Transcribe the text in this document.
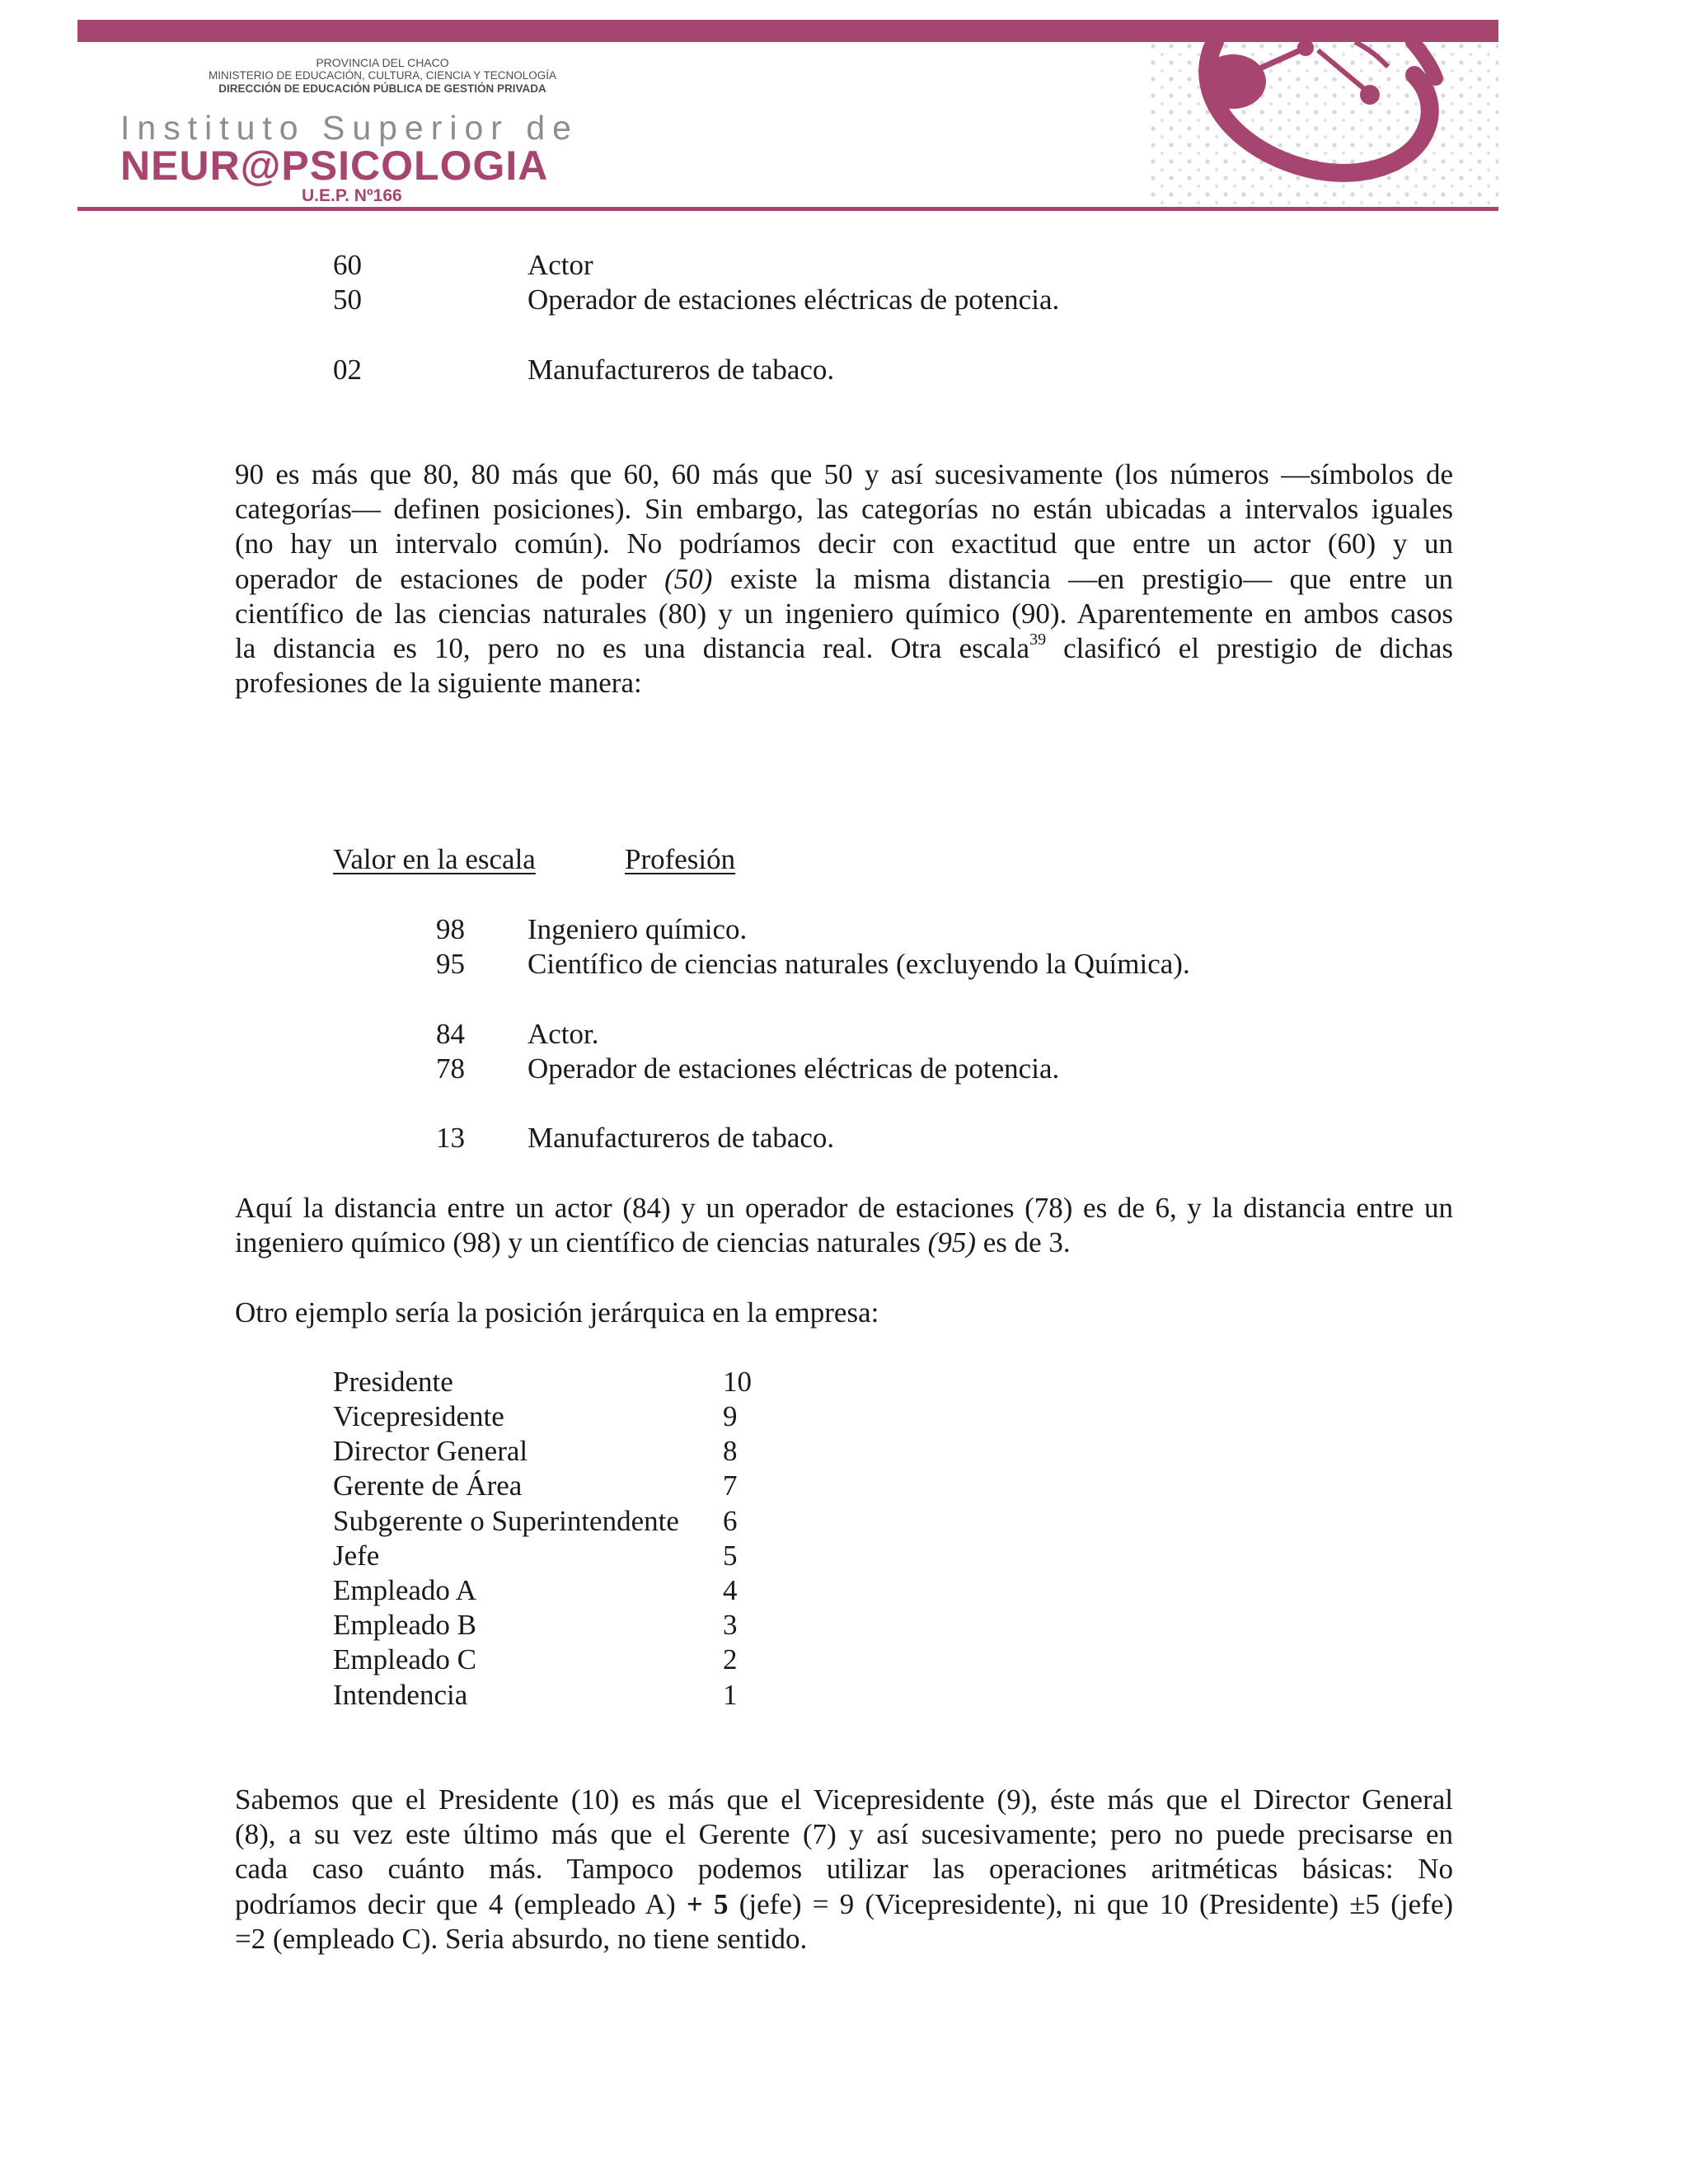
PROVINCIA DEL CHACO
MINISTERIO DE EDUCACIÓN, CULTURA, CIENCIA Y TECNOLOGÍA
DIRECCIÓN DE EDUCACIÓN PÚBLICA DE GESTIÓN PRIVADA
Instituto Superior de
NEUR@PSICOLOGIA
U.E.P. Nº166
60	Actor
50	Operador de estaciones eléctricas de potencia.
02	Manufactureros de tabaco.
90 es más que 80, 80 más que 60, 60 más que 50 y así sucesivamente (los números —símbolos de
categorías— definen posiciones). Sin embargo, las categorías no están ubicadas a intervalos iguales
(no hay un intervalo común). No podríamos decir con exactitud que entre un actor (60) y un
operador de estaciones de poder (50) existe la misma distancia —en prestigio— que entre un
científico de las ciencias naturales (80) y un ingeniero químico (90). Aparentemente en ambos casos
la distancia es 10, pero no es una distancia real. Otra escala$^{39}$ clasificó el prestigio de dichas
profesiones de la siguiente manera:
Valor en la escala	Profesión
98 Ingeniero químico.
95 Científico de ciencias naturales (excluyendo la Química).
84 Actor.
78 Operador de estaciones eléctricas de potencia.
13 Manufactureros de tabaco.
Aquí la distancia entre un actor (84) y un operador de estaciones (78) es de 6, y la distancia entre un
ingeniero químico (98) y un científico de ciencias naturales (95) es de 3.
Otro ejemplo sería la posición jerárquica en la empresa:
Presidente	10
Vicepresidente	9
Director General	8
Gerente de Área	7
Subgerente o Superintendente 6
Jefe	5
Empleado A	4
Empleado B	3
Empleado C	2
Intendencia	1
Sabemos que el Presidente (10) es más que el Vicepresidente (9), éste más que el Director General
(8), a su vez este último más que el Gerente (7) y así sucesivamente; pero no puede precisarse en
cada caso cuánto más. Tampoco podemos utilizar las operaciones aritméticas básicas: No
podríamos decir que 4 (empleado A) + 5 (jefe) = 9 (Vicepresidente), ni que 10 (Presidente) ±5 (jefe)
=2 (empleado C). Seria absurdo, no tiene sentido.
